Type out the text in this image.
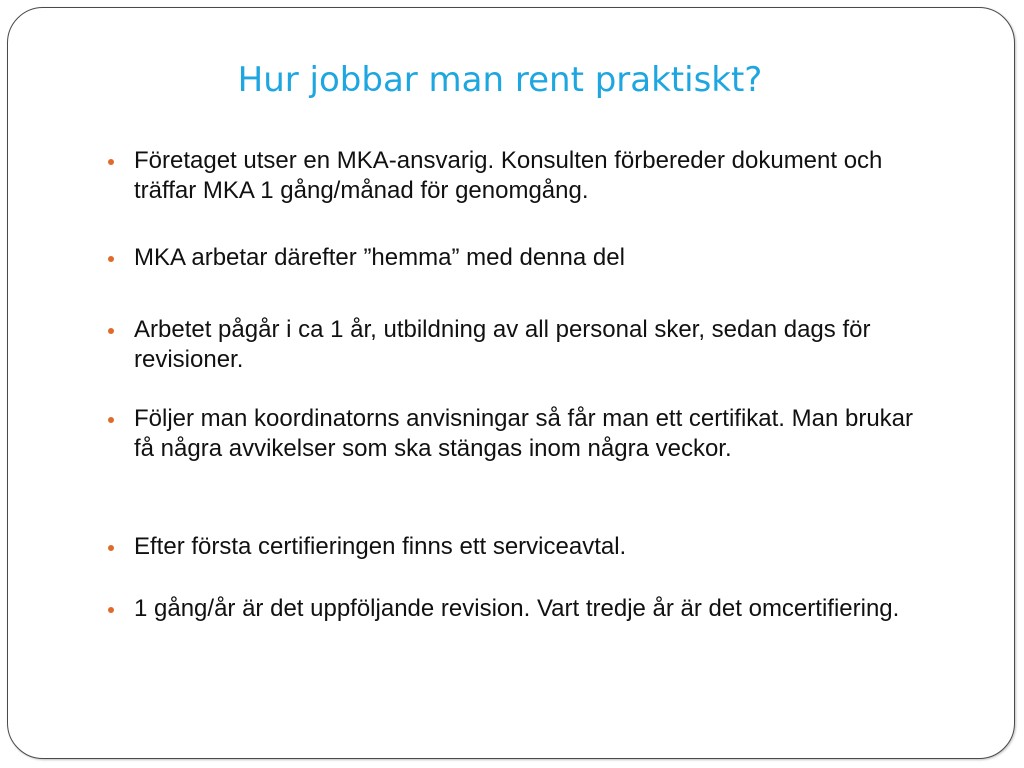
Hur jobbar man rent praktiskt?
Företaget utser en MKA-ansvarig. Konsulten förbereder dokument och träffar MKA 1 gång/månad för genomgång.
MKA arbetar därefter ”hemma” med denna del
Arbetet pågår i ca 1 år, utbildning av all personal sker, sedan dags för revisioner.
Följer man koordinatorns anvisningar så får man ett certifikat. Man brukar få några avvikelser som ska stängas inom några veckor.
Efter första certifieringen finns ett serviceavtal.
1 gång/år är det uppföljande revision. Vart tredje år är det omcertifiering.
